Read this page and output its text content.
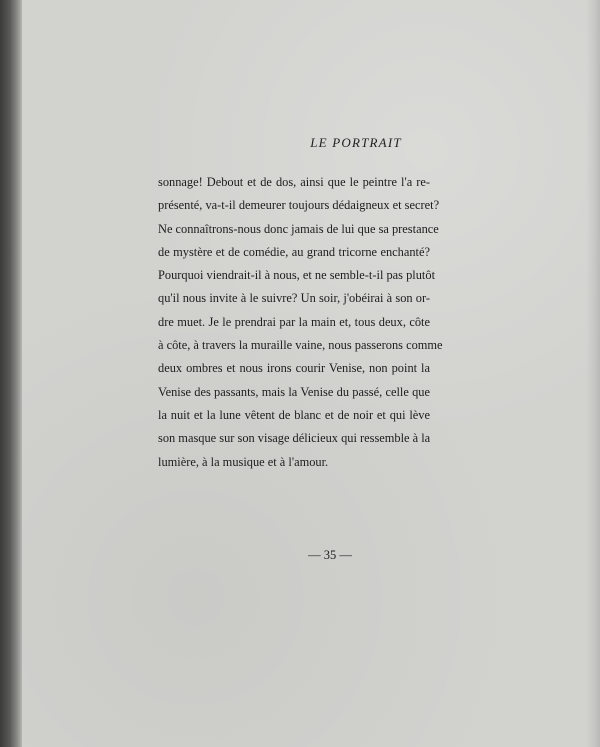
LE PORTRAIT
sonnage! Debout et de dos, ainsi que le peintre l'a re-
présenté, va-t-il demeurer toujours dédaigneux et secret?
Ne connaîtrons-nous donc jamais de lui que sa prestance
de mystère et de comédie, au grand tricorne enchanté?
Pourquoi viendrait-il à nous, et ne semble-t-il pas plutôt
qu'il nous invite à le suivre? Un soir, j'obéirai à son or-
dre muet. Je le prendrai par la main et, tous deux, côte
à côte, à travers la muraille vaine, nous passerons comme
deux ombres et nous irons courir Venise, non point la
Venise des passants, mais la Venise du passé, celle que
la nuit et la lune vêtent de blanc et de noir et qui lève
son masque sur son visage délicieux qui ressemble à la
lumière, à la musique et à l'amour.
— 35 —
